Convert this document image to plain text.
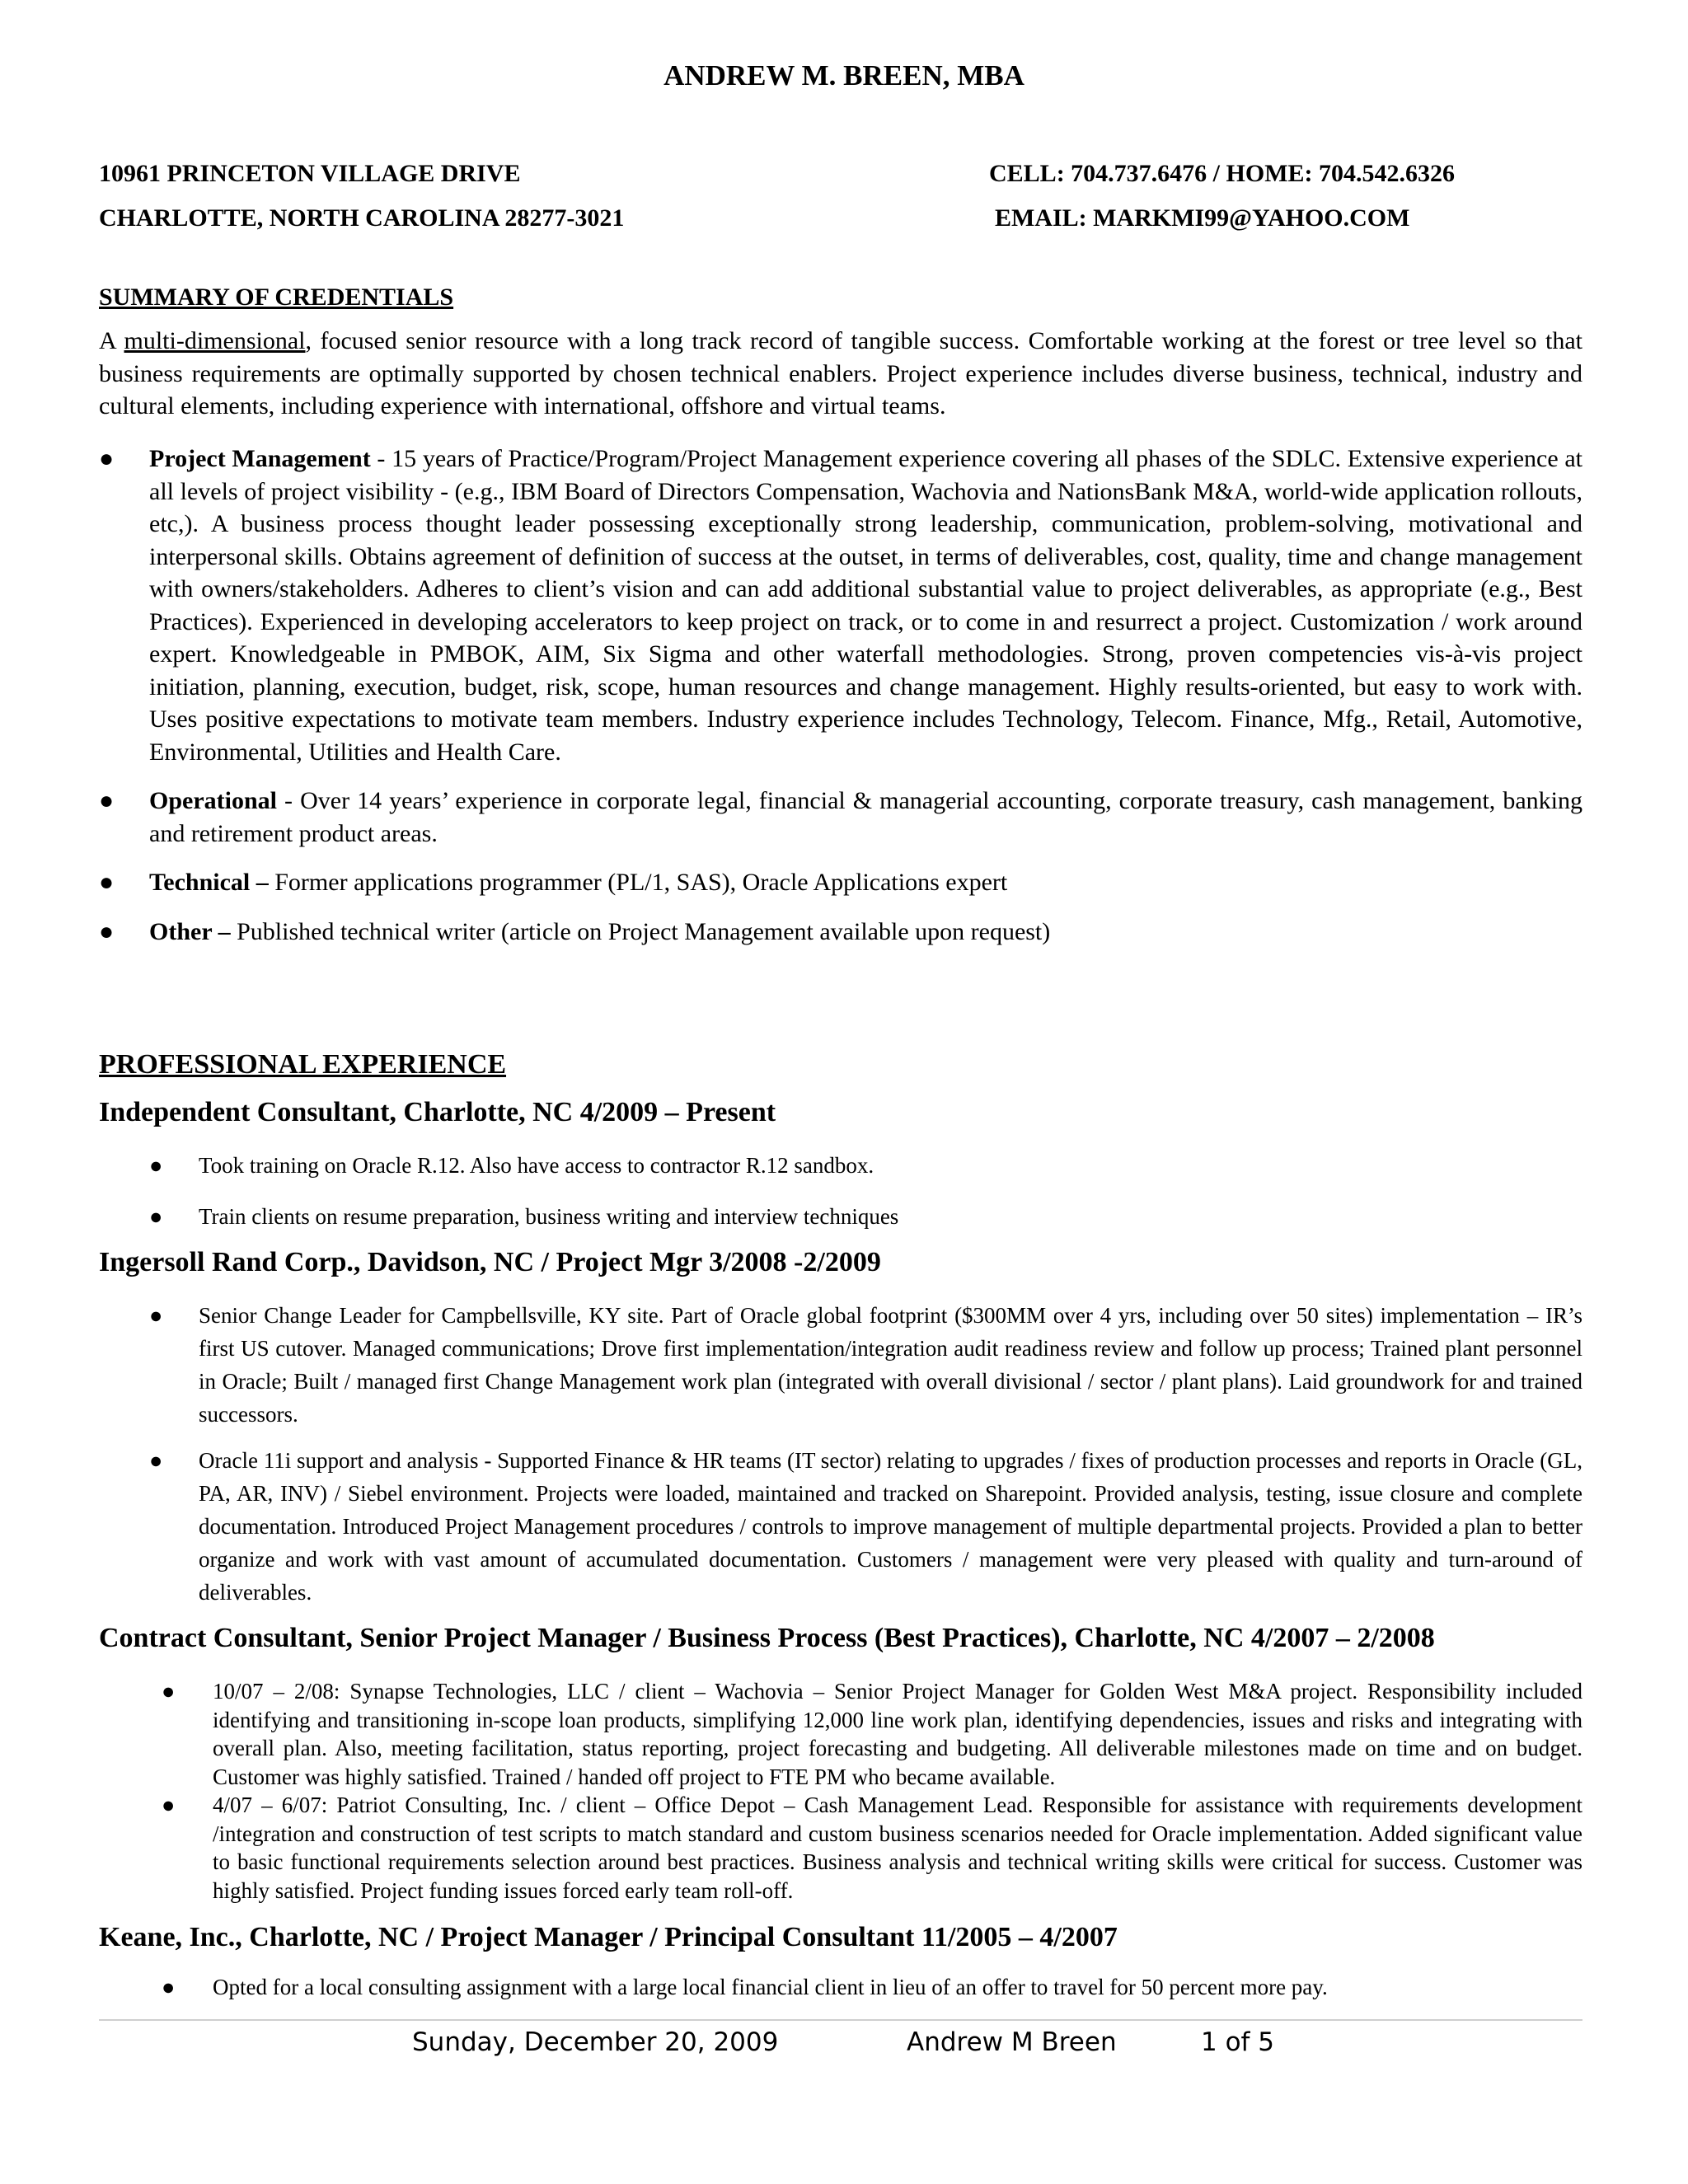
ANDREW M. BREEN, MBA
10961 PRINCETON VILLAGE DRIVE	CELL: 704.737.6476 / HOME: 704.542.6326
CHARLOTTE, NORTH CAROLINA 28277-3021	EMAIL: MARKMI99@YAHOO.COM
SUMMARY OF CREDENTIALS
A multi-dimensional, focused senior resource with a long track record of tangible success. Comfortable working at the forest or tree level so that business requirements are optimally supported by chosen technical enablers. Project experience includes diverse business, technical, industry and cultural elements, including experience with international, offshore and virtual teams.
● Project Management - 15 years of Practice/Program/Project Management experience covering all phases of the SDLC. Extensive experience at all levels of project visibility - (e.g., IBM Board of Directors Compensation, Wachovia and NationsBank M&A, world-wide application rollouts, etc,). A business process thought leader possessing exceptionally strong leadership, communication, problem-solving, motivational and interpersonal skills. Obtains agreement of definition of success at the outset, in terms of deliverables, cost, quality, time and change management with owners/stakeholders. Adheres to client’s vision and can add additional substantial value to project deliverables, as appropriate (e.g., Best Practices). Experienced in developing accelerators to keep project on track, or to come in and resurrect a project. Customization / work around expert. Knowledgeable in PMBOK, AIM, Six Sigma and other waterfall methodologies. Strong, proven competencies vis-à-vis project initiation, planning, execution, budget, risk, scope, human resources and change management. Highly results-oriented, but easy to work with. Uses positive expectations to motivate team members. Industry experience includes Technology, Telecom. Finance, Mfg., Retail, Automotive, Environmental, Utilities and Health Care.
● Operational - Over 14 years’ experience in corporate legal, financial & managerial accounting, corporate treasury, cash management, banking and retirement product areas.
● Technical – Former applications programmer (PL/1, SAS), Oracle Applications expert
● Other – Published technical writer (article on Project Management available upon request)
PROFESSIONAL EXPERIENCE
Independent Consultant, Charlotte, NC 4/2009 – Present
● Took training on Oracle R.12. Also have access to contractor R.12 sandbox.
● Train clients on resume preparation, business writing and interview techniques
Ingersoll Rand Corp., Davidson, NC / Project Mgr 3/2008 -2/2009
● Senior Change Leader for Campbellsville, KY site. Part of Oracle global footprint ($300MM over 4 yrs, including over 50 sites) implementation – IR’s first US cutover. Managed communications; Drove first implementation/integration audit readiness review and follow up process; Trained plant personnel in Oracle; Built / managed first Change Management work plan (integrated with overall divisional / sector / plant plans). Laid groundwork for and trained successors.
● Oracle 11i support and analysis - Supported Finance & HR teams (IT sector) relating to upgrades / fixes of production processes and reports in Oracle (GL, PA, AR, INV) / Siebel environment. Projects were loaded, maintained and tracked on Sharepoint. Provided analysis, testing, issue closure and complete documentation. Introduced Project Management procedures / controls to improve management of multiple departmental projects. Provided a plan to better organize and work with vast amount of accumulated documentation. Customers / management were very pleased with quality and turn-around of deliverables.
Contract Consultant, Senior Project Manager / Business Process (Best Practices), Charlotte, NC 4/2007 – 2/2008
● 10/07 – 2/08: Synapse Technologies, LLC / client – Wachovia – Senior Project Manager for Golden West M&A project. Responsibility included identifying and transitioning in-scope loan products, simplifying 12,000 line work plan, identifying dependencies, issues and risks and integrating with overall plan. Also, meeting facilitation, status reporting, project forecasting and budgeting. All deliverable milestones made on time and on budget. Customer was highly satisfied. Trained / handed off project to FTE PM who became available.
● 4/07 – 6/07: Patriot Consulting, Inc. / client – Office Depot – Cash Management Lead. Responsible for assistance with requirements development /integration and construction of test scripts to match standard and custom business scenarios needed for Oracle implementation. Added significant value to basic functional requirements selection around best practices. Business analysis and technical writing skills were critical for success. Customer was highly satisfied. Project funding issues forced early team roll-off.
Keane, Inc., Charlotte, NC / Project Manager / Principal Consultant 11/2005 – 4/2007
● Opted for a local consulting assignment with a large local financial client in lieu of an offer to travel for 50 percent more pay.
Sunday, December 20, 2009	Andrew M Breen	1 of 5
